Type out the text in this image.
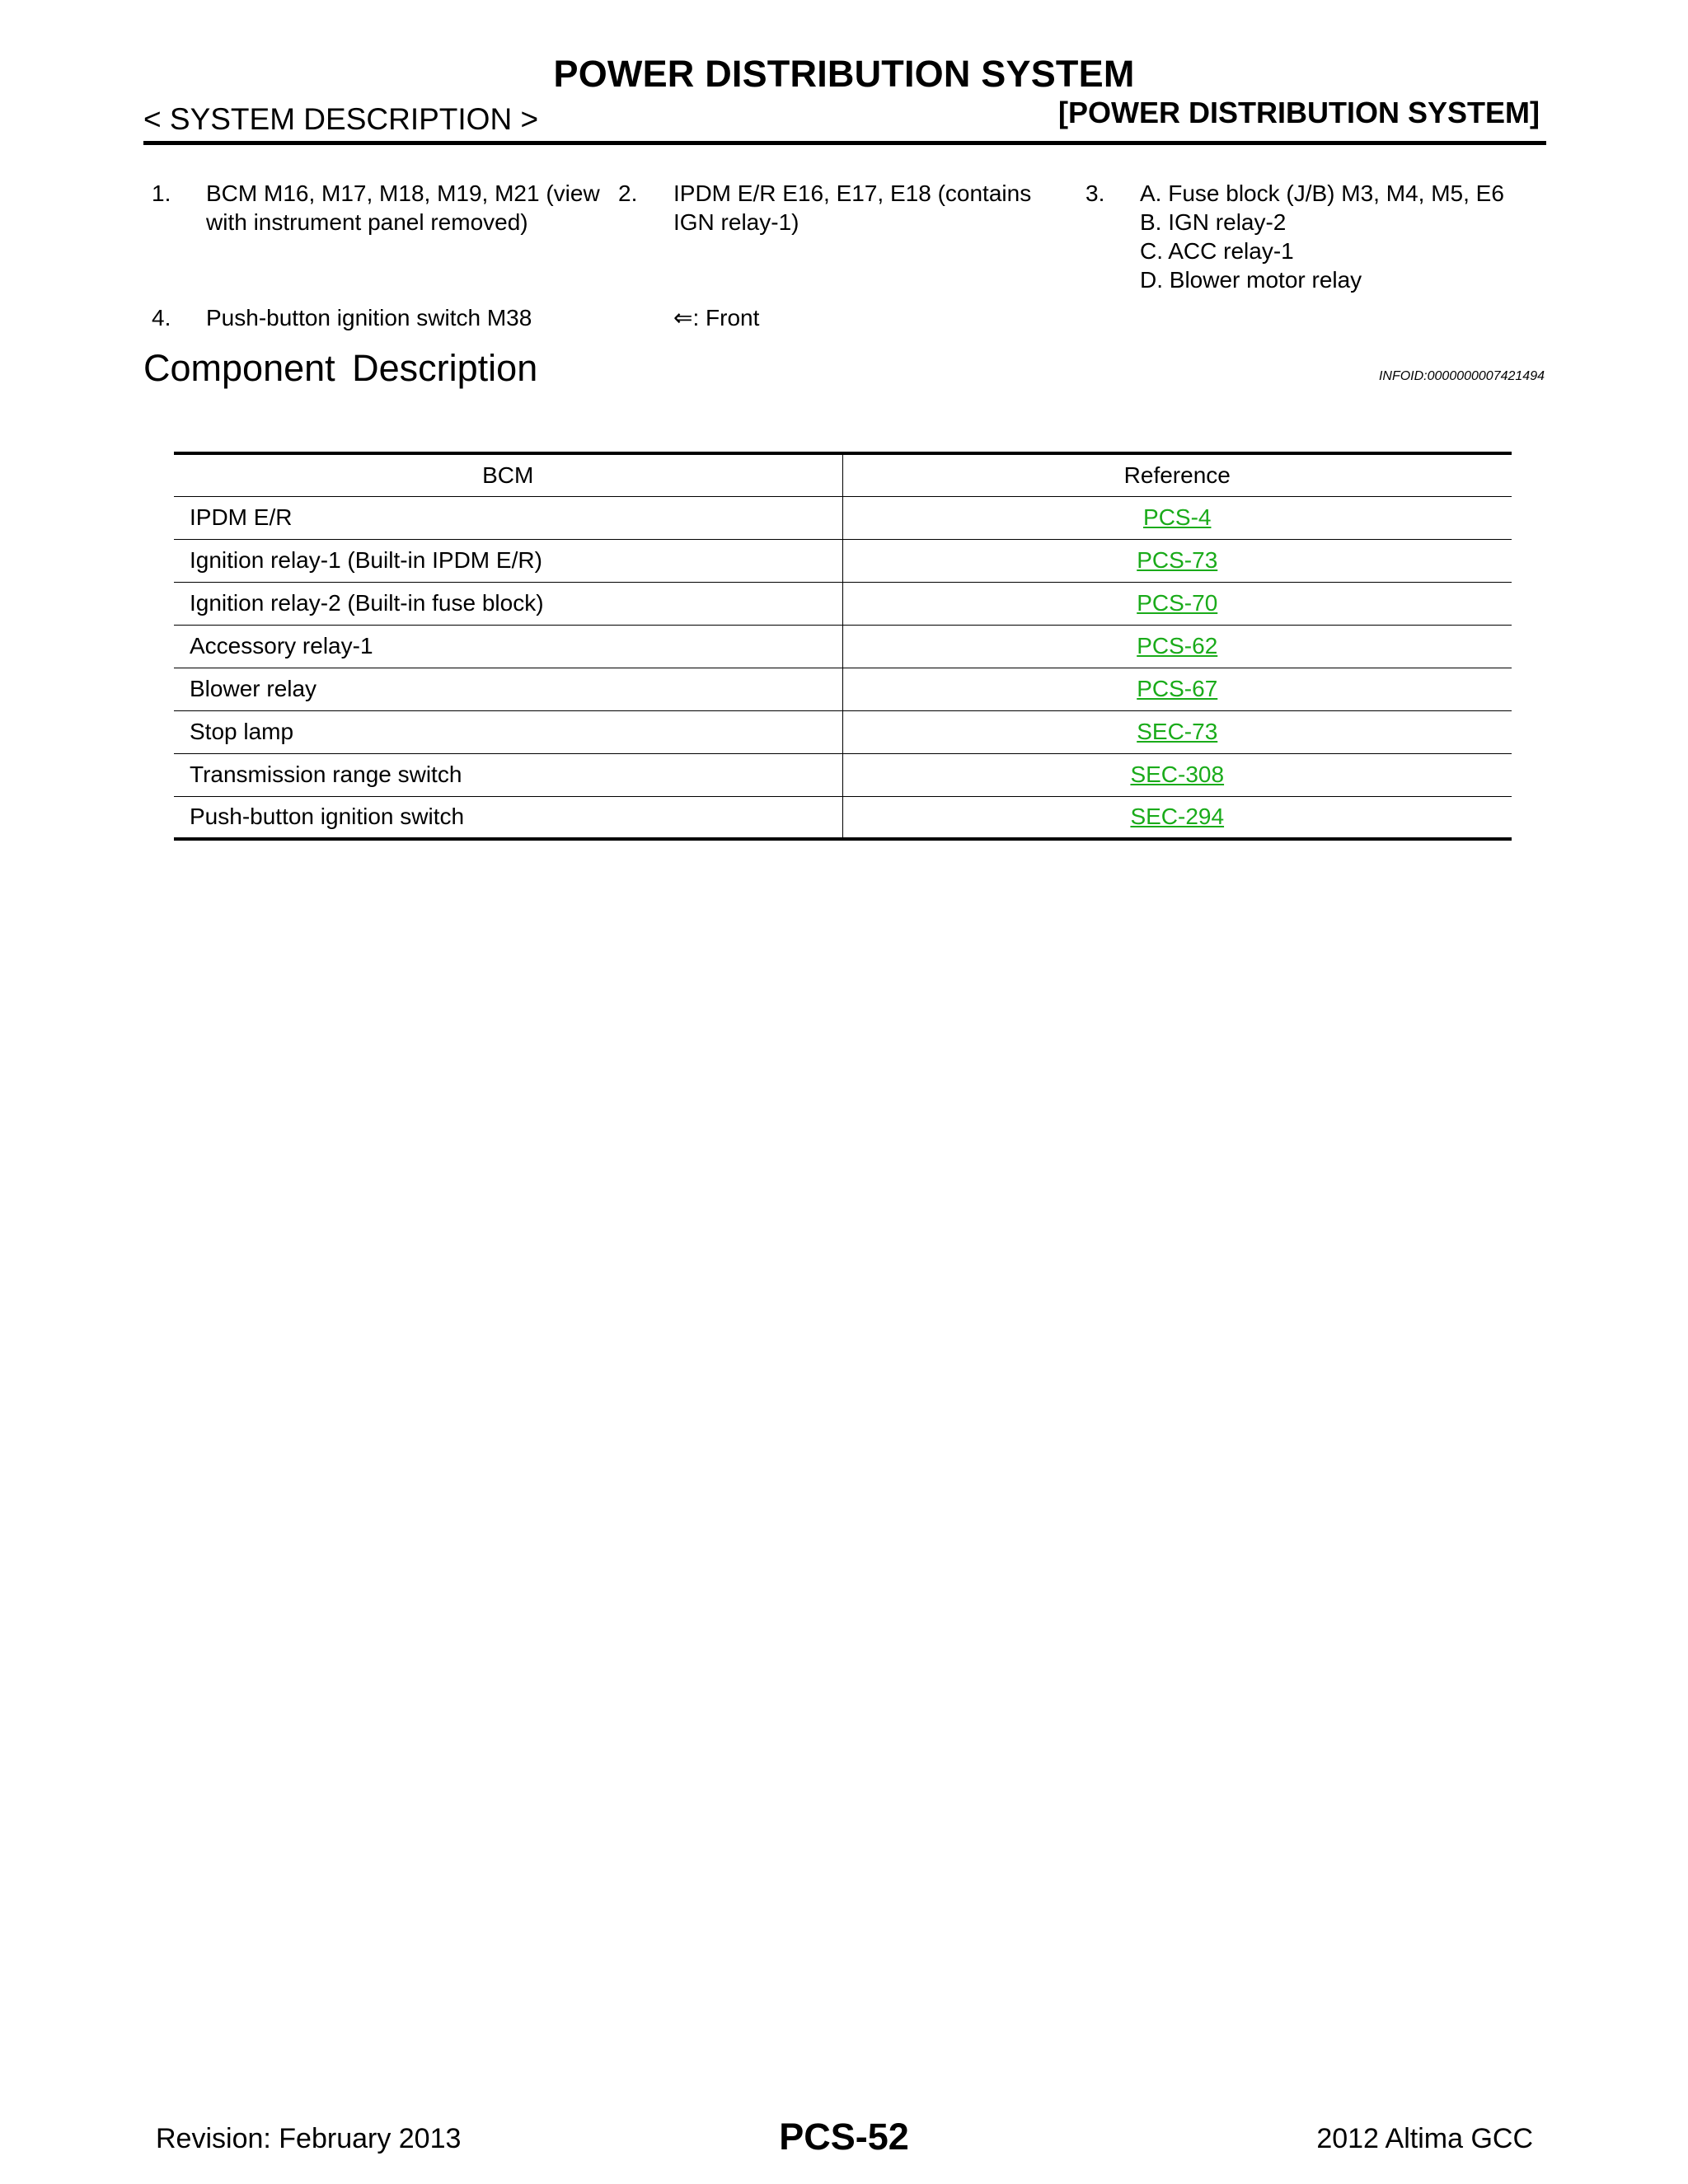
POWER DISTRIBUTION SYSTEM
< SYSTEM DESCRIPTION >	[POWER DISTRIBUTION SYSTEM]
1. BCM M16, M17, M18, M19, M21 (view
with instrument panel removed)
2. IPDM E/R E16, E17, E18 (contains
IGN relay-1)
3. A. Fuse block (J/B) M3, M4, M5, E6
B. IGN relay-2
C. ACC relay-1
D. Blower motor relay
4. Push-button ignition switch M38	⇐: Front
Component Description	INFOID:0000000007421494
BCM	Reference
IPDM E/R	PCS-4
Ignition relay-1 (Built-in IPDM E/R)	PCS-73
Ignition relay-2 (Built-in fuse block)	PCS-70
Accessory relay-1	PCS-62
Blower relay	PCS-67
Stop lamp	SEC-73
Transmission range switch	SEC-308
Push-button ignition switch	SEC-294
Revision: February 2013	PCS-52	2012 Altima GCC
